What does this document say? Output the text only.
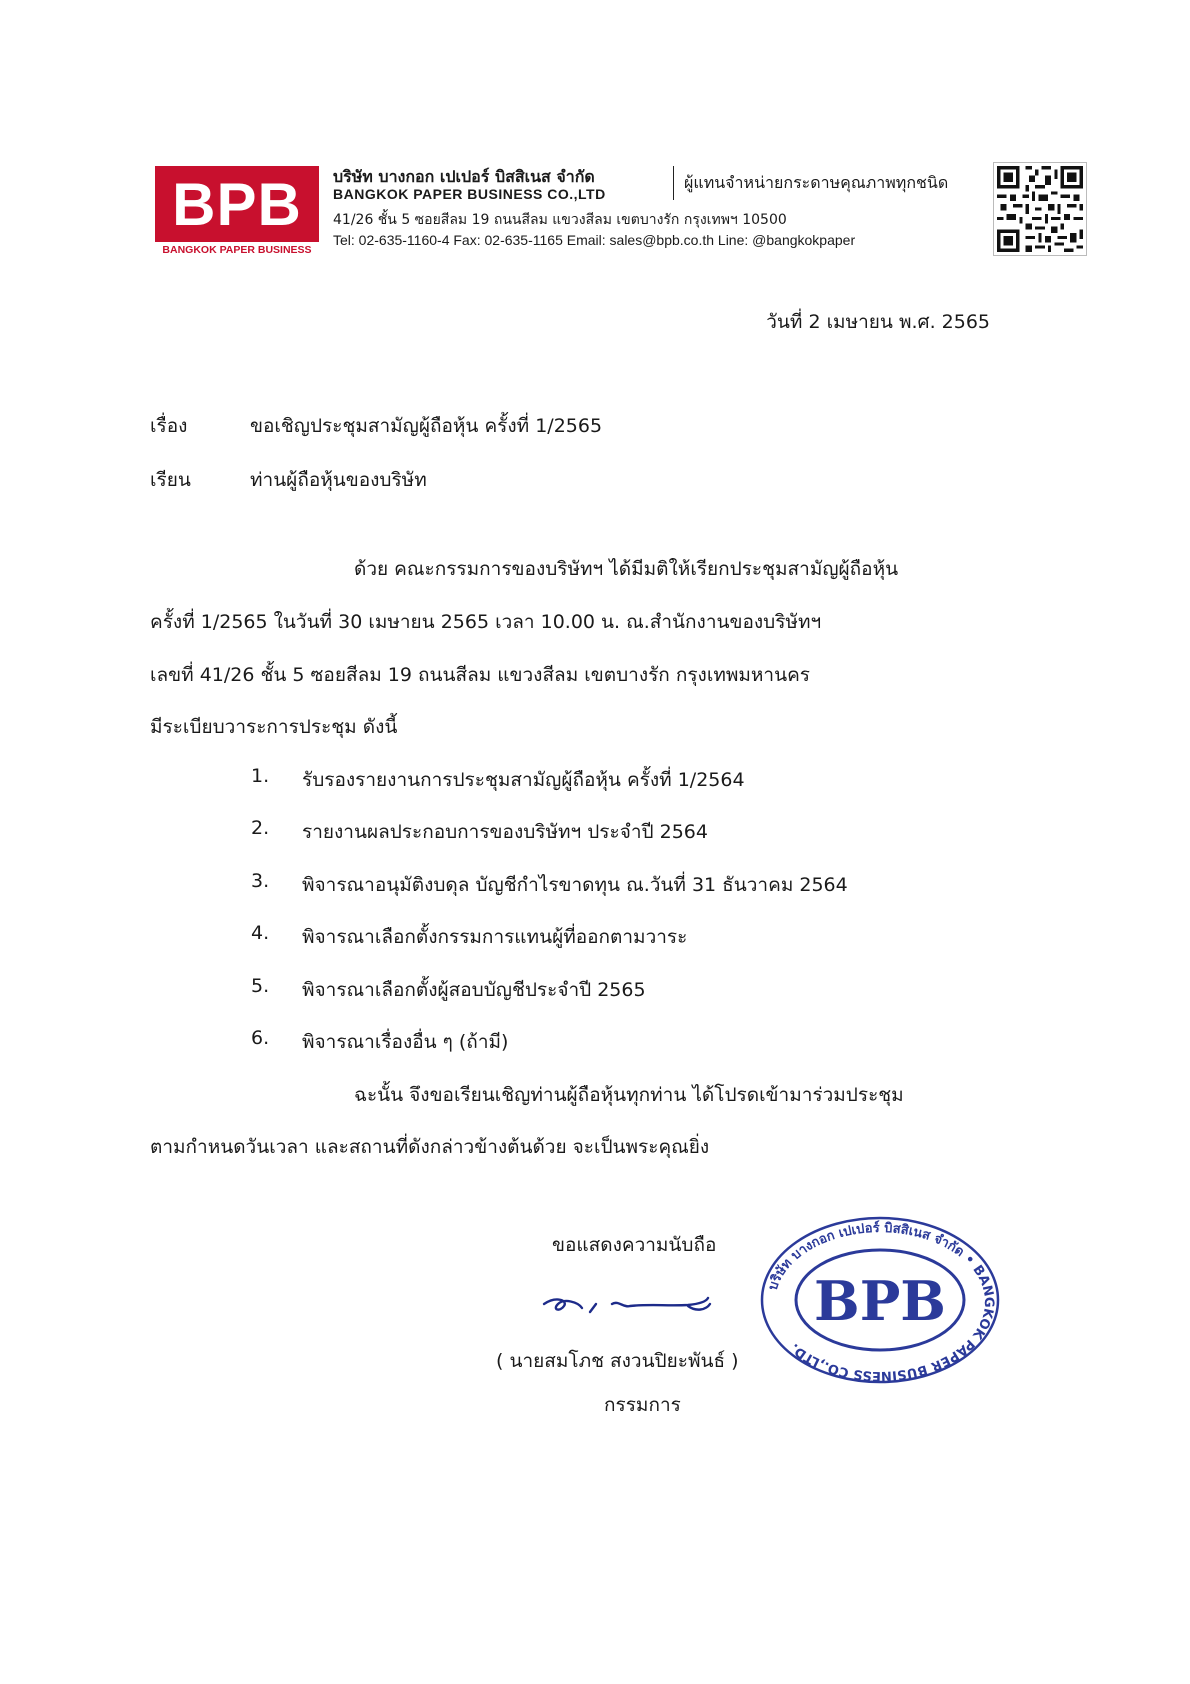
BPB
BANGKOK PAPER BUSINESS
บริษัท บางกอก เปเปอร์ บิสสิเนส จำกัด
BANGKOK PAPER BUSINESS CO.,LTD
ผู้แทนจำหน่ายกระดาษคุณภาพทุกชนิด
41/26 ชั้น 5 ซอยสีลม 19 ถนนสีลม แขวงสีลม เขตบางรัก กรุงเทพฯ 10500
Tel: 02-635-1160-4 Fax: 02-635-1165 Email: sales@bpb.co.th Line: @bangkokpaper
วันที่ 2 เมษายน พ.ศ. 2565
เรื่อง	ขอเชิญประชุมสามัญผู้ถือหุ้น ครั้งที่ 1/2565
เรียน	ท่านผู้ถือหุ้นของบริษัท
ด้วย คณะกรรมการของบริษัทฯ ได้มีมติให้เรียกประชุมสามัญผู้ถือหุ้น
ครั้งที่ 1/2565 ในวันที่ 30 เมษายน 2565 เวลา 10.00 น. ณ.สำนักงานของบริษัทฯ
เลขที่ 41/26 ชั้น 5 ซอยสีลม 19 ถนนสีลม แขวงสีลม เขตบางรัก กรุงเทพมหานคร
มีระเบียบวาระการประชุม ดังนี้
1. รับรองรายงานการประชุมสามัญผู้ถือหุ้น ครั้งที่ 1/2564
2. รายงานผลประกอบการของบริษัทฯ ประจำปี 2564
3. พิจารณาอนุมัติงบดุล บัญชีกำไรขาดทุน ณ.วันที่ 31 ธันวาคม 2564
4. พิจารณาเลือกตั้งกรรมการแทนผู้ที่ออกตามวาระ
5. พิจารณาเลือกตั้งผู้สอบบัญชีประจำปี 2565
6. พิจารณาเรื่องอื่น ๆ (ถ้ามี)
ฉะนั้น จึงขอเรียนเชิญท่านผู้ถือหุ้นทุกท่าน ได้โปรดเข้ามาร่วมประชุม
ตามกำหนดวันเวลา และสถานที่ดังกล่าวข้างต้นด้วย จะเป็นพระคุณยิ่ง
ขอแสดงความนับถือ
( นายสมโภช สงวนปิยะพันธ์ )
กรรมการ
บริษัท บางกอก เปเปอร์ บิสสิเนส จำกัด • BANGKOK PAPER BUSINESS CO.,LTD.
BPB
